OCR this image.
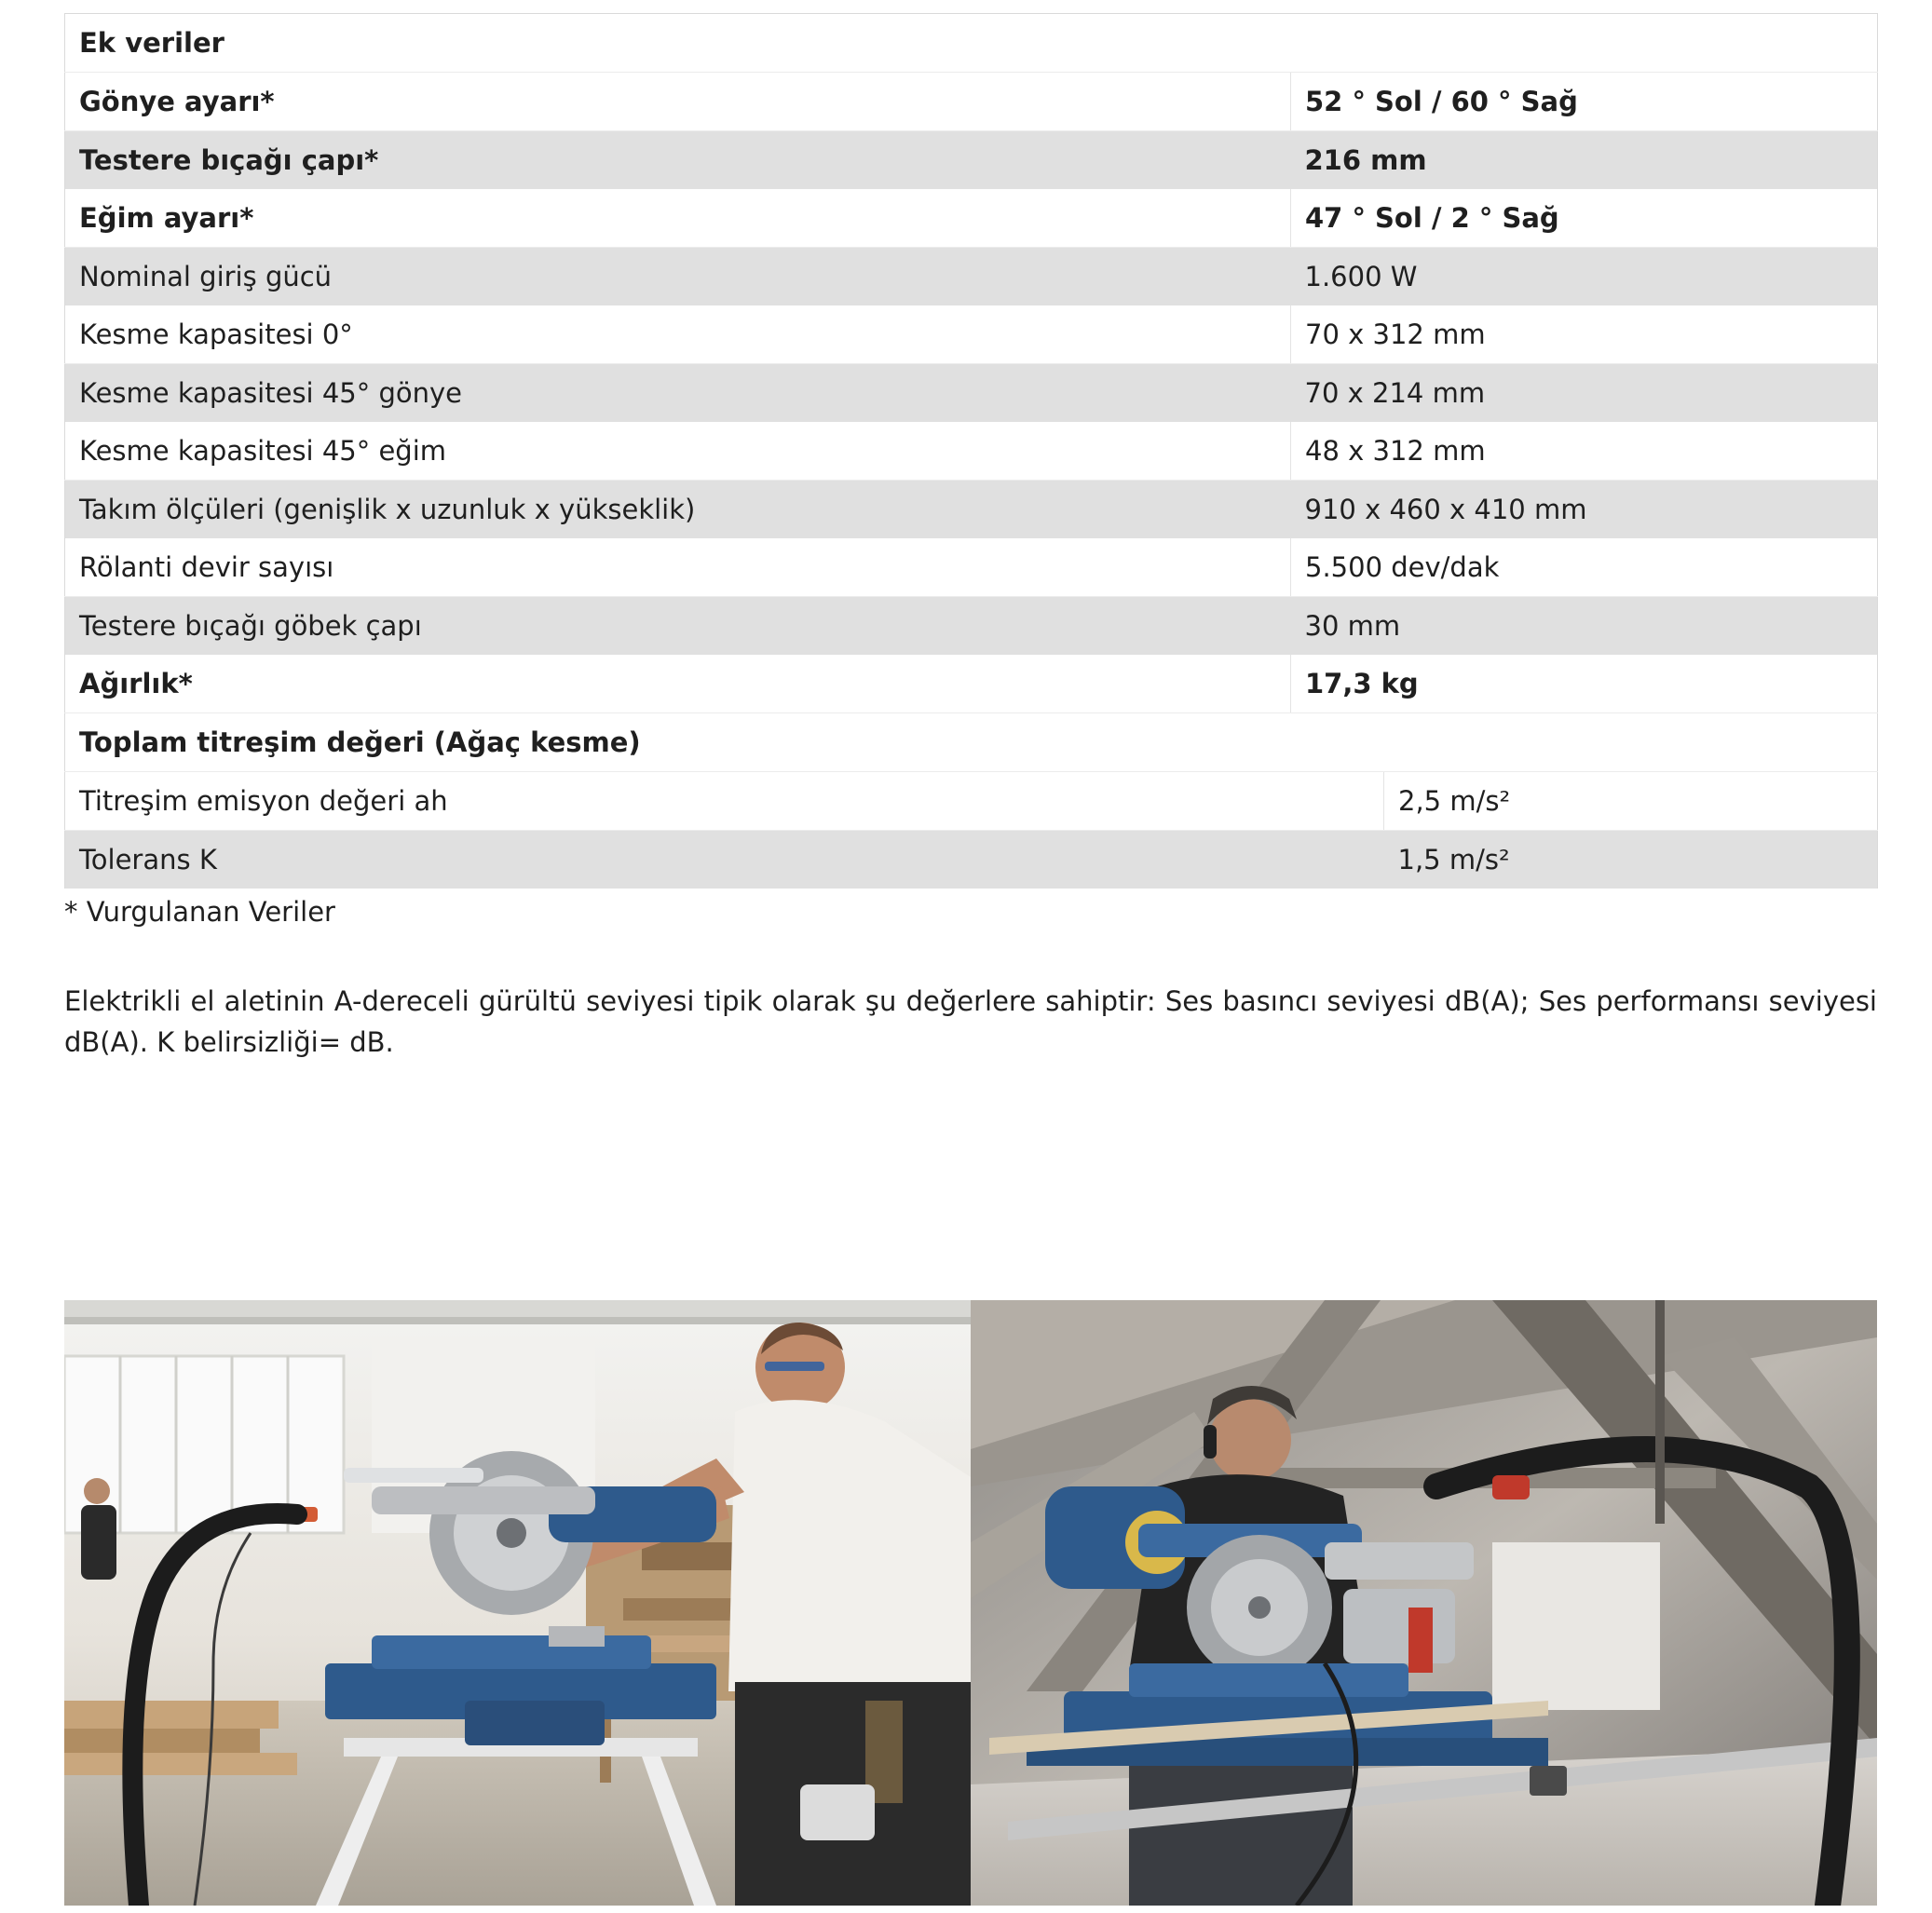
Ek veriler	
Gönye ayarı*	52 ° Sol / 60 ° Sağ
Testere bıçağı çapı*	216 mm
Eğim ayarı*	47 ° Sol / 2 ° Sağ
Nominal giriş gücü	1.600 W
Kesme kapasitesi 0°	70 x 312 mm
Kesme kapasitesi 45° gönye	70 x 214 mm
Kesme kapasitesi 45° eğim	48 x 312 mm
Takım ölçüleri (genişlik x uzunluk x yükseklik)	910 x 460 x 410 mm
Rölanti devir sayısı	5.500 dev/dak
Testere bıçağı göbek çapı	30 mm
Ağırlık*	17,3 kg
Toplam titreşim değeri (Ağaç kesme)	
Titreşim emisyon değeri ah	2,5 m/s²
Tolerans K	1,5 m/s²
* Vurgulanan Veriler
Elektrikli el aletinin A-dereceli gürültü seviyesi tipik olarak şu değerlere sahiptir: Ses basıncı seviyesi dB(A); Ses performansı seviyesi dB(A). K belirsizliği= dB.
